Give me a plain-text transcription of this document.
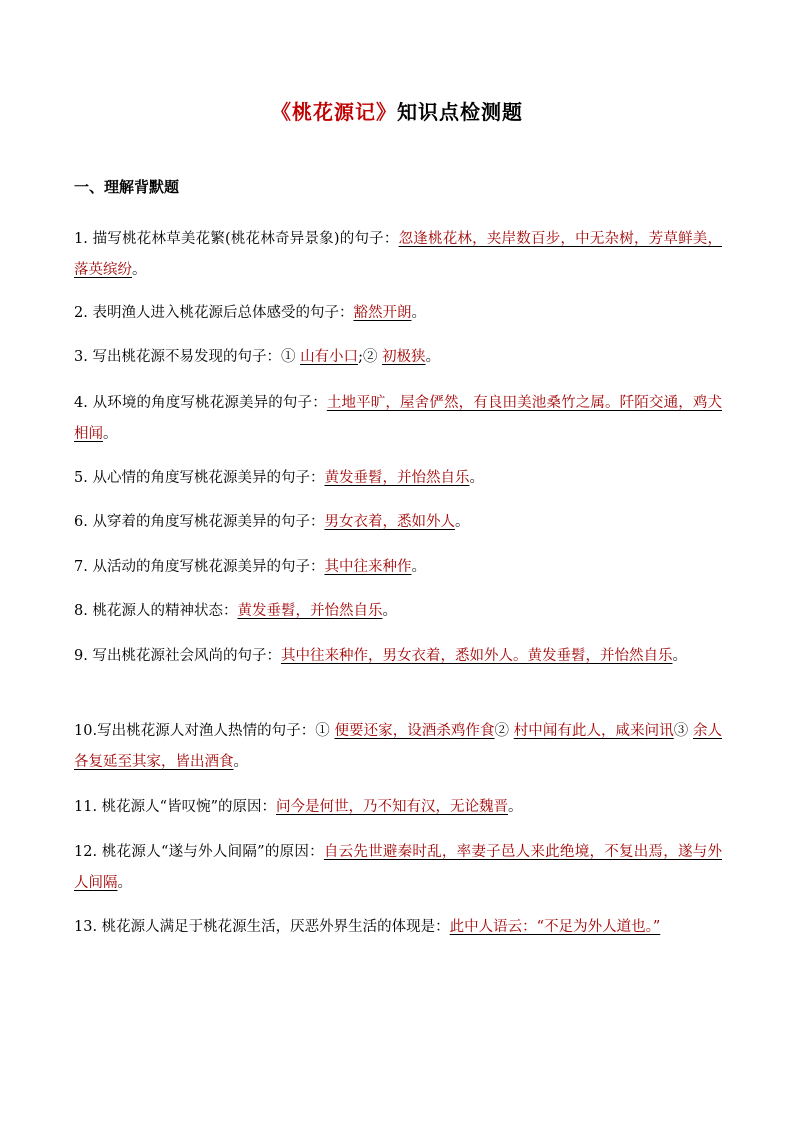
《桃花源记》知识点检测题
一、理解背默题
1. 描写桃花林草美花繁(桃花林奇异景象)的句子：忽逢桃花林，夹岸数百步，中无杂树，芳草鲜美，落英缤纷。
2. 表明渔人进入桃花源后总体感受的句子：豁然开朗。
3. 写出桃花源不易发现的句子：① 山有小口;② 初极狭。
4. 从环境的角度写桃花源美异的句子：土地平旷，屋舍俨然，有良田美池桑竹之属。阡陌交通，鸡犬相闻。
5. 从心情的角度写桃花源美异的句子：黄发垂髫，并怡然自乐。
6. 从穿着的角度写桃花源美异的句子：男女衣着，悉如外人。
7. 从活动的角度写桃花源美异的句子：其中往来种作。
8. 桃花源人的精神状态：黄发垂髫，并怡然自乐。
9. 写出桃花源社会风尚的句子：其中往来种作，男女衣着，悉如外人。黄发垂髫，并怡然自乐。
10.写出桃花源人对渔人热情的句子：① 便要还家，设酒杀鸡作食② 村中闻有此人，咸来问讯③ 余人各复延至其家，皆出酒食。
11. 桃花源人“皆叹惋”的原因：问今是何世，乃不知有汉，无论魏晋。
12. 桃花源人“遂与外人间隔”的原因：自云先世避秦时乱，率妻子邑人来此绝境，不复出焉，遂与外人间隔。
13. 桃花源人满足于桃花源生活，厌恶外界生活的体现是：此中人语云：“不足为外人道也。”
